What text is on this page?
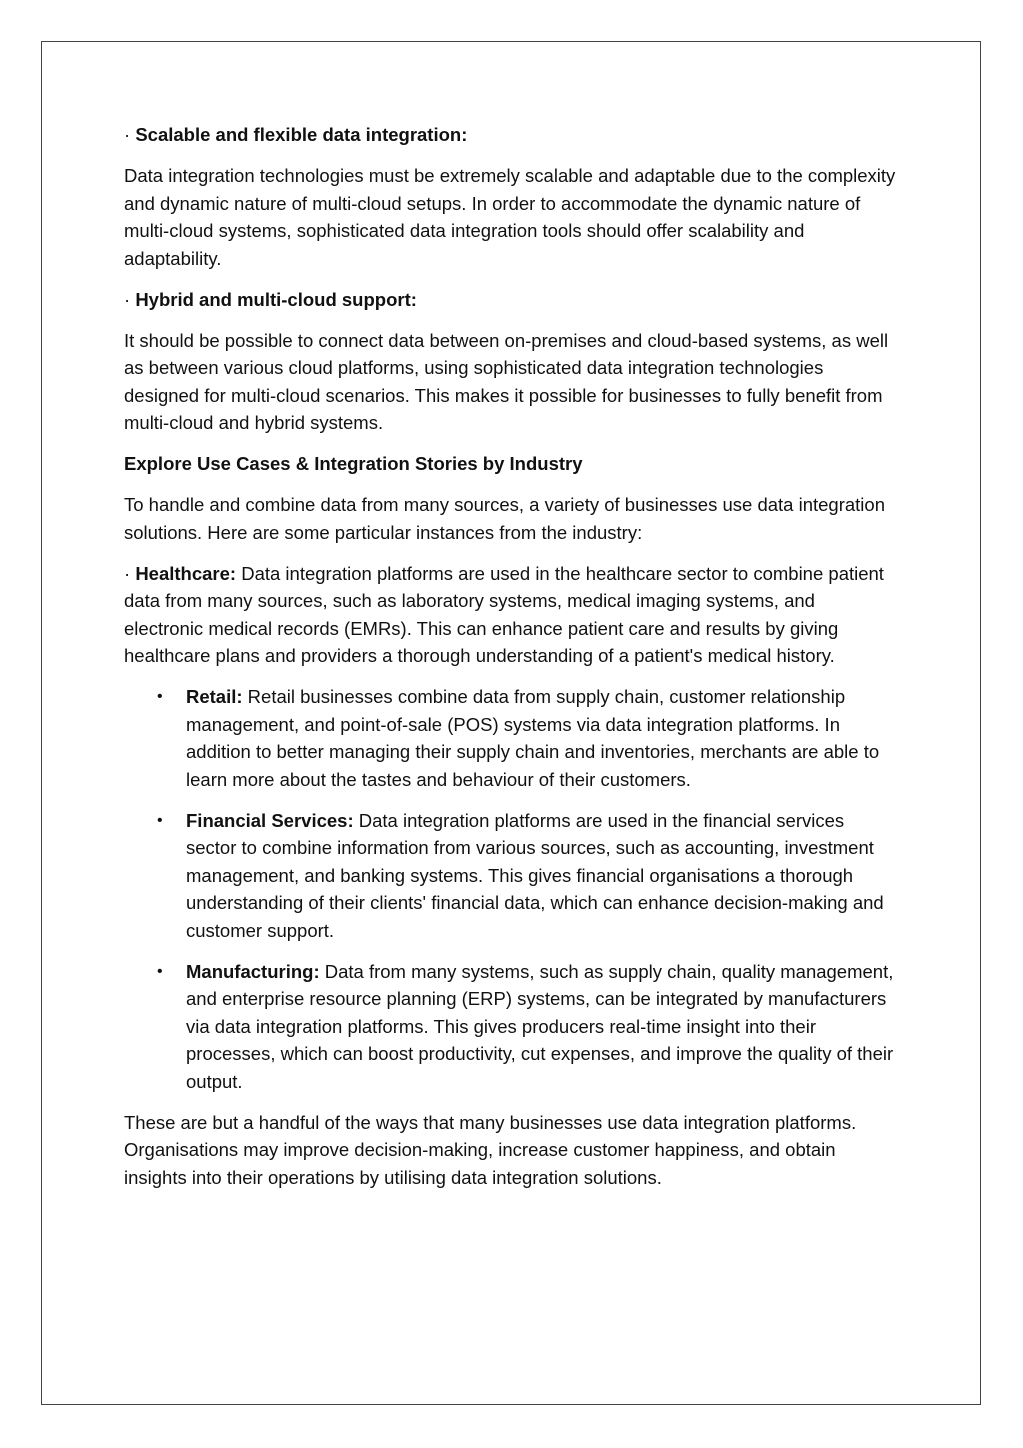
· Scalable and flexible data integration:

Data integration technologies must be extremely scalable and adaptable due to the complexity and dynamic nature of multi-cloud setups. In order to accommodate the dynamic nature of multi-cloud systems, sophisticated data integration tools should offer scalability and adaptability.

· Hybrid and multi-cloud support:

It should be possible to connect data between on-premises and cloud-based systems, as well as between various cloud platforms, using sophisticated data integration technologies designed for multi-cloud scenarios. This makes it possible for businesses to fully benefit from multi-cloud and hybrid systems.

Explore Use Cases & Integration Stories by Industry

To handle and combine data from many sources, a variety of businesses use data integration solutions. Here are some particular instances from the industry:

· Healthcare: Data integration platforms are used in the healthcare sector to combine patient data from many sources, such as laboratory systems, medical imaging systems, and electronic medical records (EMRs). This can enhance patient care and results by giving healthcare plans and providers a thorough understanding of a patient's medical history.

• Retail: Retail businesses combine data from supply chain, customer relationship management, and point-of-sale (POS) systems via data integration platforms. In addition to better managing their supply chain and inventories, merchants are able to learn more about the tastes and behaviour of their customers.
• Financial Services: Data integration platforms are used in the financial services sector to combine information from various sources, such as accounting, investment management, and banking systems. This gives financial organisations a thorough understanding of their clients' financial data, which can enhance decision-making and customer support.
• Manufacturing: Data from many systems, such as supply chain, quality management, and enterprise resource planning (ERP) systems, can be integrated by manufacturers via data integration platforms. This gives producers real-time insight into their processes, which can boost productivity, cut expenses, and improve the quality of their output.

These are but a handful of the ways that many businesses use data integration platforms. Organisations may improve decision-making, increase customer happiness, and obtain insights into their operations by utilising data integration solutions.
